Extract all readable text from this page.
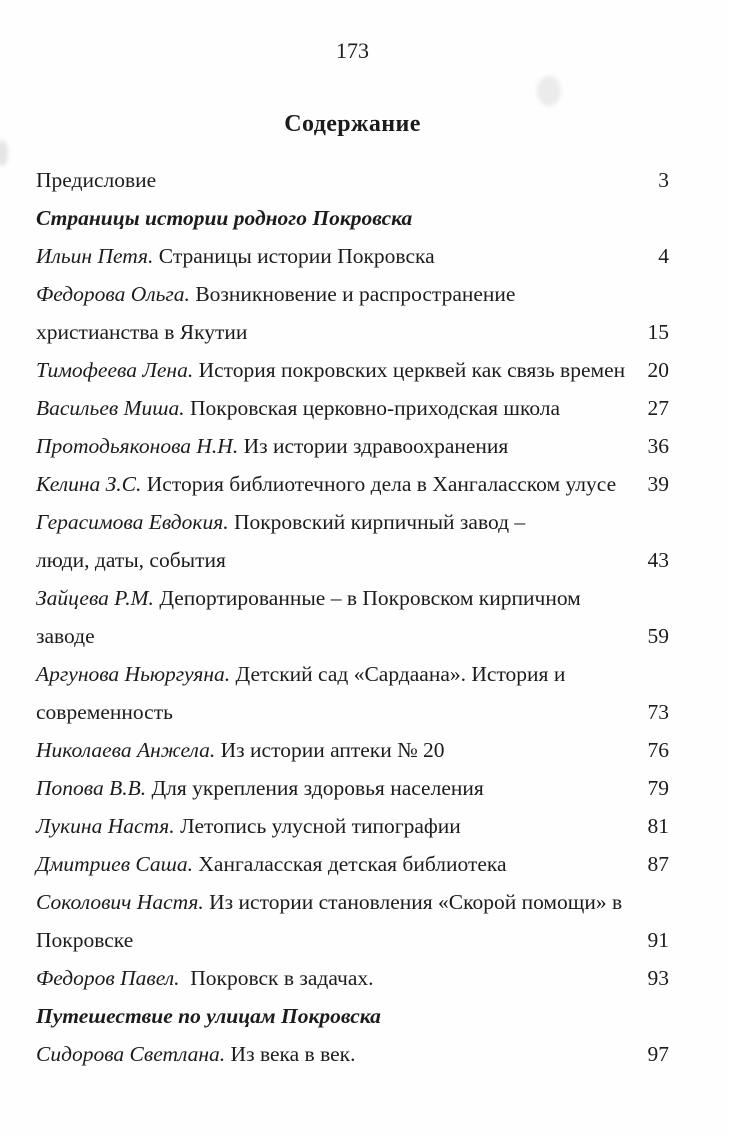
173
Содержание
Предисловие	3
Страницы истории родного Покровска
Ильин Петя. Страницы истории Покровска	4
Федорова Ольга. Возникновение и распространение
христианства в Якутии	15
Тимофеева Лена. История покровских церквей как связь времен 20
Васильев Миша. Покровская церковно-приходская школа	27
Протодьяконова Н.Н. Из истории здравоохранения	36
Келина З.С. История библиотечного дела в Хангаласском улусе 39
Герасимова Евдокия. Покровский кирпичный завод –
люди, даты, события	43
Зайцева Р.М. Депортированные – в Покровском кирпичном
заводе	59
Аргунова Ньюргуяна. Детский сад «Сардаана». История и
современность	73
Николаева Анжела. Из истории аптеки № 20	76
Попова В.В. Для укрепления здоровья населения	79
Лукина Настя. Летопись улусной типографии	81
Дмитриев Саша. Хангаласская детская библиотека	87
Соколович Настя. Из истории становления «Скорой помощи» в
Покровске	91
Федоров Павел.  Покровск в задачах.	93
Путешествие по улицам Покровска
Сидорова Светлана. Из века в век.	97
